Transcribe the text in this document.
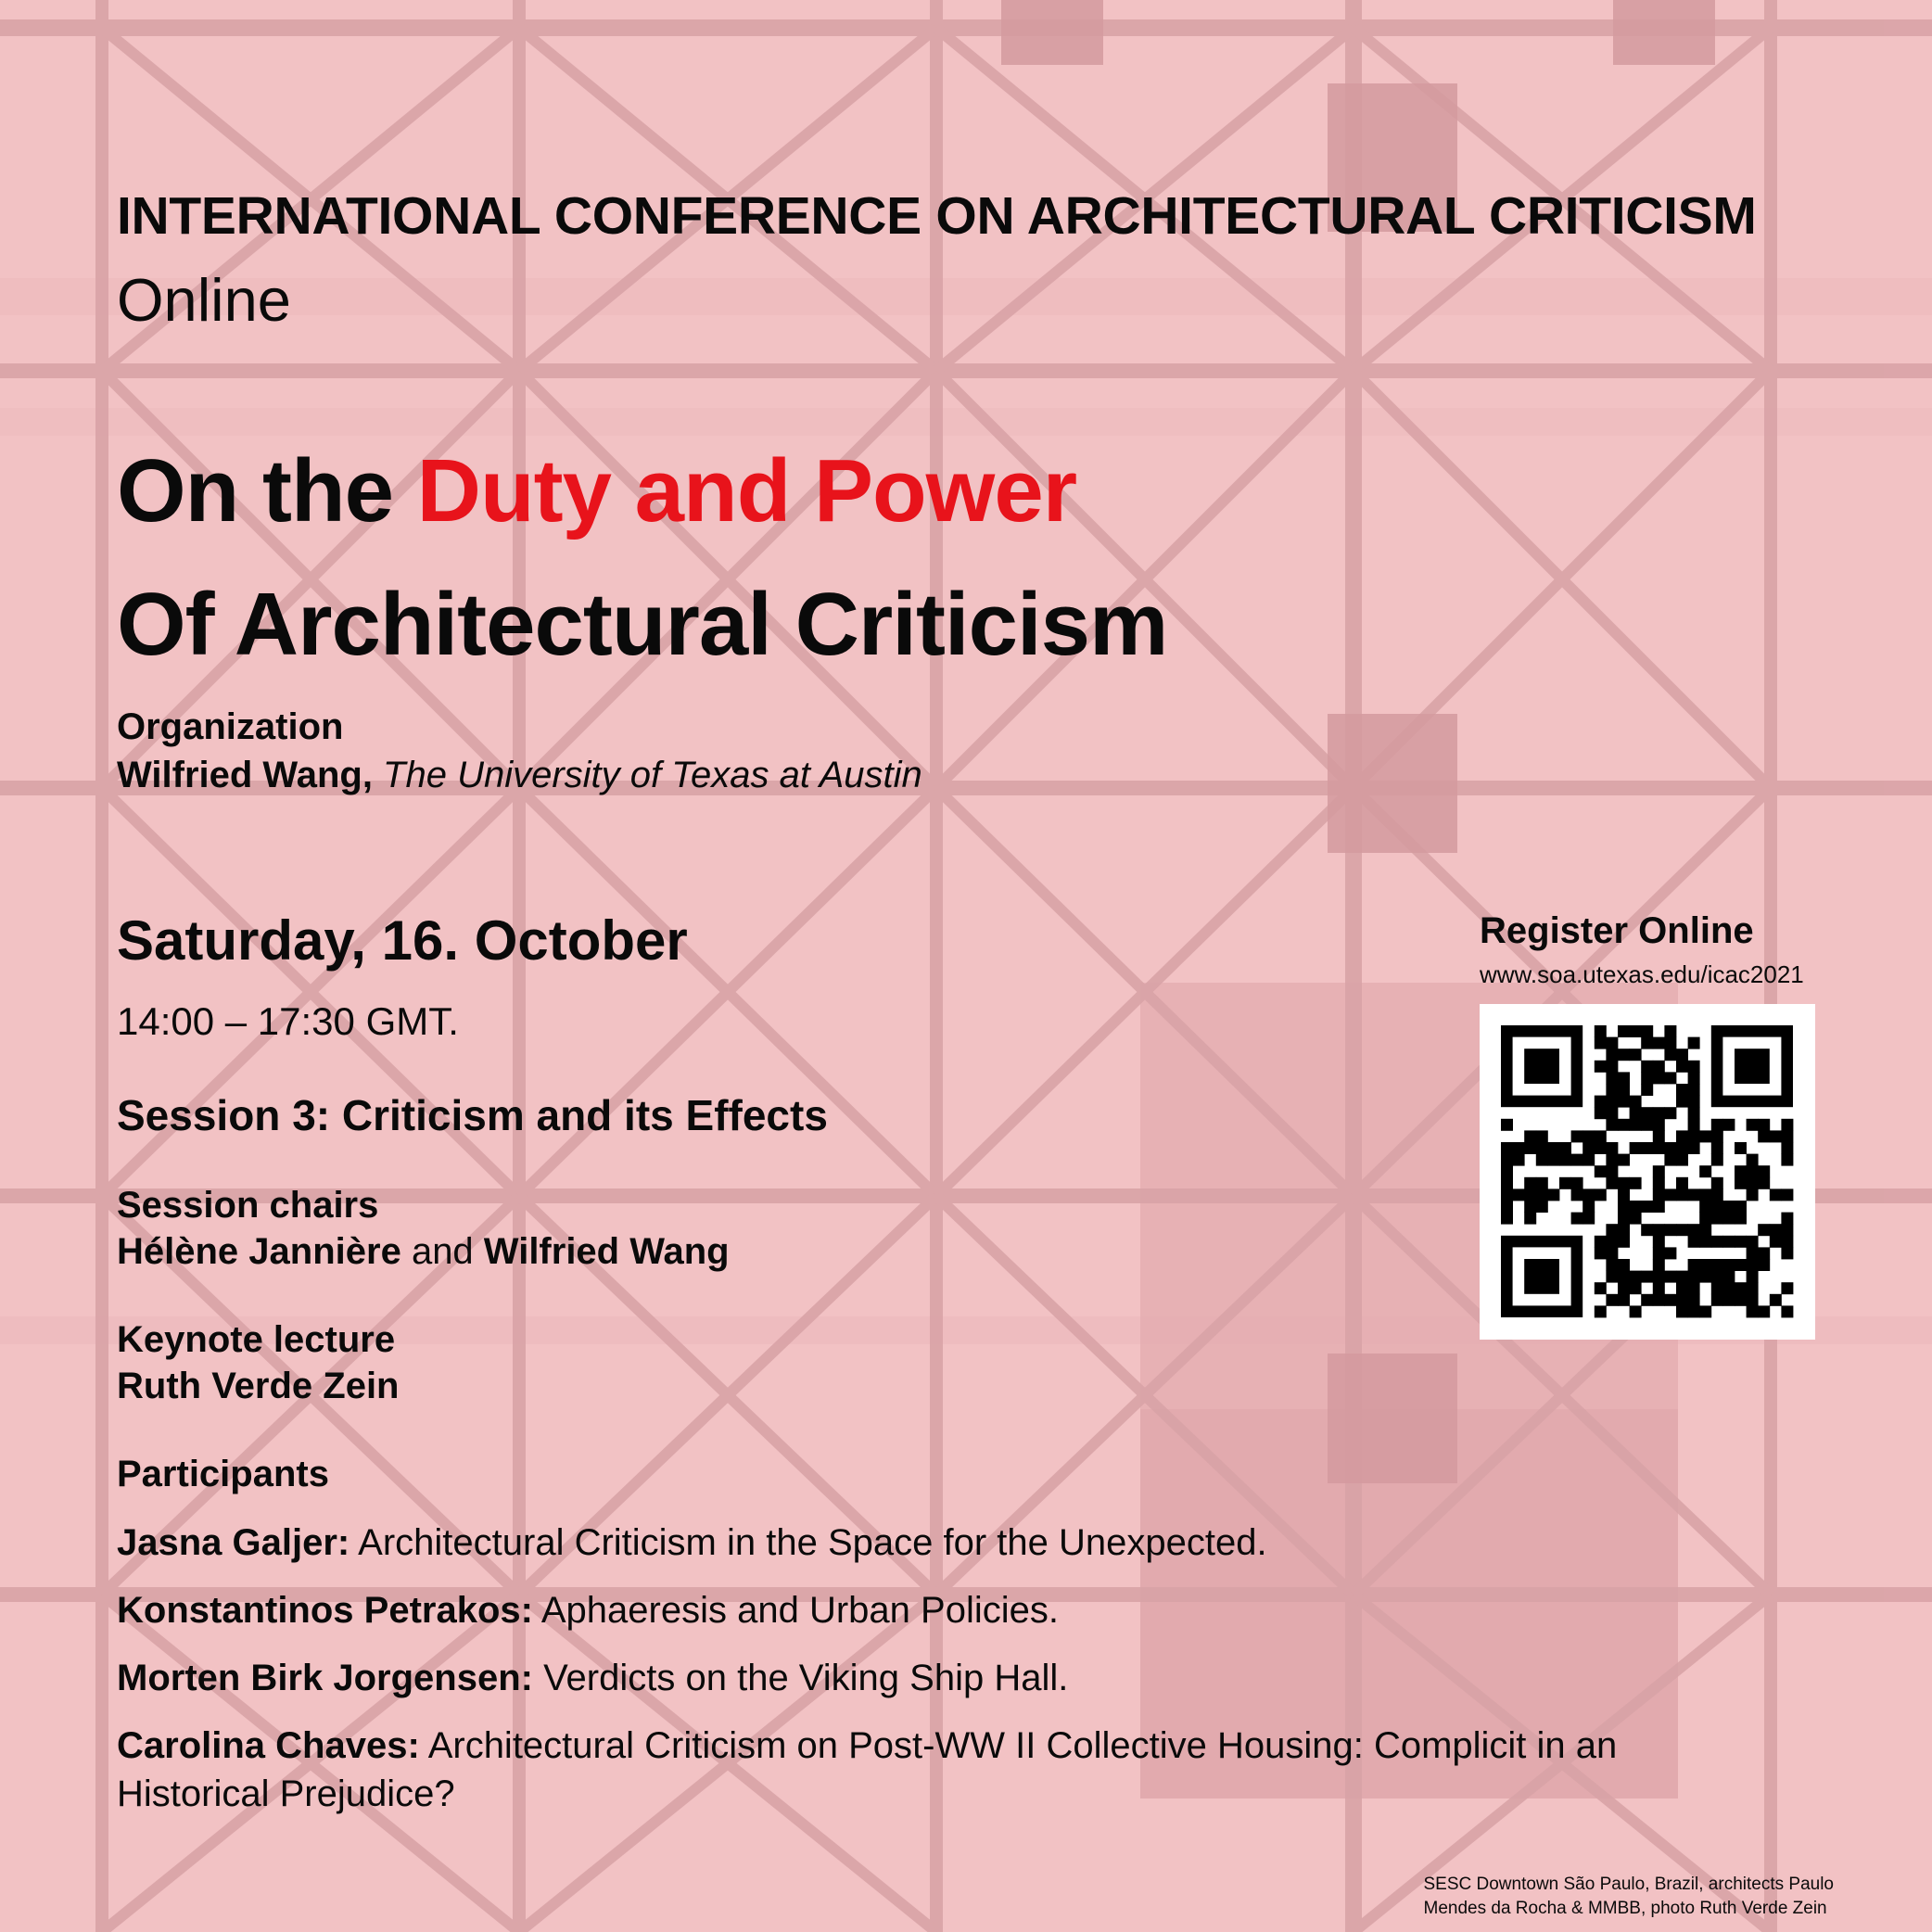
INTERNATIONAL CONFERENCE ON ARCHITECTURAL CRITICISM

Online

On the Duty and Power
Of Architectural Criticism

Organization

Wilfried Wang, The University of Texas at Austin

Saturday, 16. October

14:00 – 17:30 GMT.

Session 3: Criticism and its Effects

Session chairs

Hélène Jannière and Wilfried Wang

Keynote lecture

Ruth Verde Zein

Participants

Jasna Galjer: Architectural Criticism in the Space for the Unexpected.

Konstantinos Petrakos: Aphaeresis and Urban Policies.

Morten Birk Jorgensen: Verdicts on the Viking Ship Hall.

Carolina Chaves: Architectural Criticism on Post-WW II Collective Housing: Complicit in an Historical Prejudice?

Register Online

www.soa.utexas.edu/icac2021

SESC Downtown São Paulo, Brazil, architects Paulo
Mendes da Rocha & MMBB, photo Ruth Verde Zein
